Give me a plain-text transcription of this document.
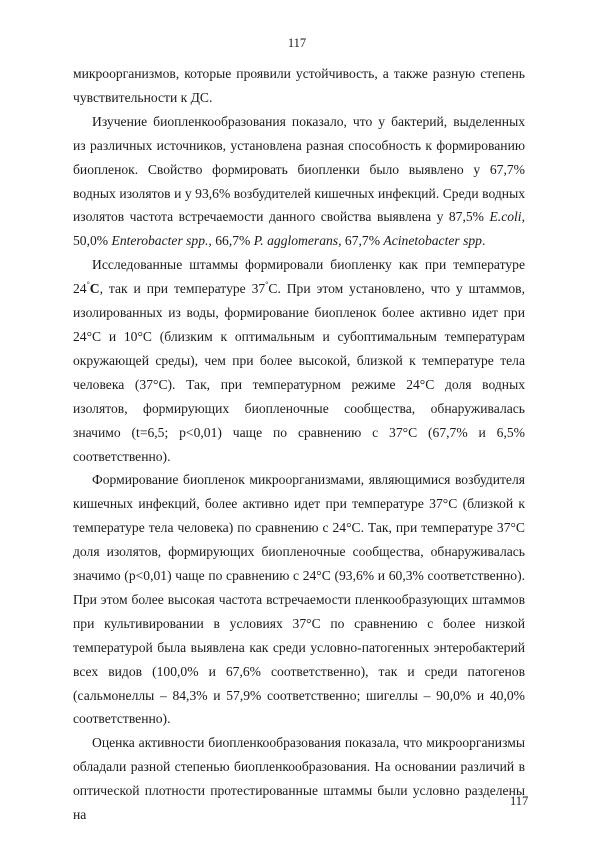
117

микроорганизмов, которые проявили устойчивость, а также разную степень чувствительности к ДС.

Изучение биопленкообразования показало, что у бактерий, выделенных из различных источников, установлена разная способность к формированию биопленок. Свойство формировать биопленки было выявлено у 67,7% водных изолятов и у 93,6% возбудителей кишечных инфекций. Среди водных изолятов частота встречаемости данного свойства выявлена у 87,5% E.coli, 50,0% Enterobacter spp., 66,7% P. agglomerans, 67,7% Acinetobacter spp.

Исследованные штаммы формировали биопленку как при температуре 24°С, так и при температуре 37°С. При этом установлено, что у штаммов, изолированных из воды, формирование биопленок более активно идет при 24°С и 10°С (близким к оптимальным и субоптимальным температурам окружающей среды), чем при более высокой, близкой к температуре тела человека (37°С). Так, при температурном режиме 24°С доля водных изолятов, формирующих биопленочные сообщества, обнаруживалась значимо (t=6,5; p<0,01) чаще по сравнению с 37°С (67,7% и 6,5% соответственно).

Формирование биопленок микроорганизмами, являющимися возбудителя кишечных инфекций, более активно идет при температуре 37°С (близкой к температуре тела человека) по сравнению с 24°С. Так, при температуре 37°С доля изолятов, формирующих биопленочные сообщества, обнаруживалась значимо (p<0,01) чаще по сравнению с 24°С (93,6% и 60,3% соответственно). При этом более высокая частота встречаемости пленкообразующих штаммов при культивировании в условиях 37°С по сравнению с более низкой температурой была выявлена как среди условно-патогенных энтеробактерий всех видов (100,0% и 67,6% соответственно), так и среди патогенов (сальмонеллы – 84,3% и 57,9% соответственно; шигеллы – 90,0% и 40,0% соответственно).

Оценка активности биопленкообразования показала, что микроорганизмы обладали разной степенью биопленкообразования. На основании различий в оптической плотности протестированные штаммы были условно разделены на

117
